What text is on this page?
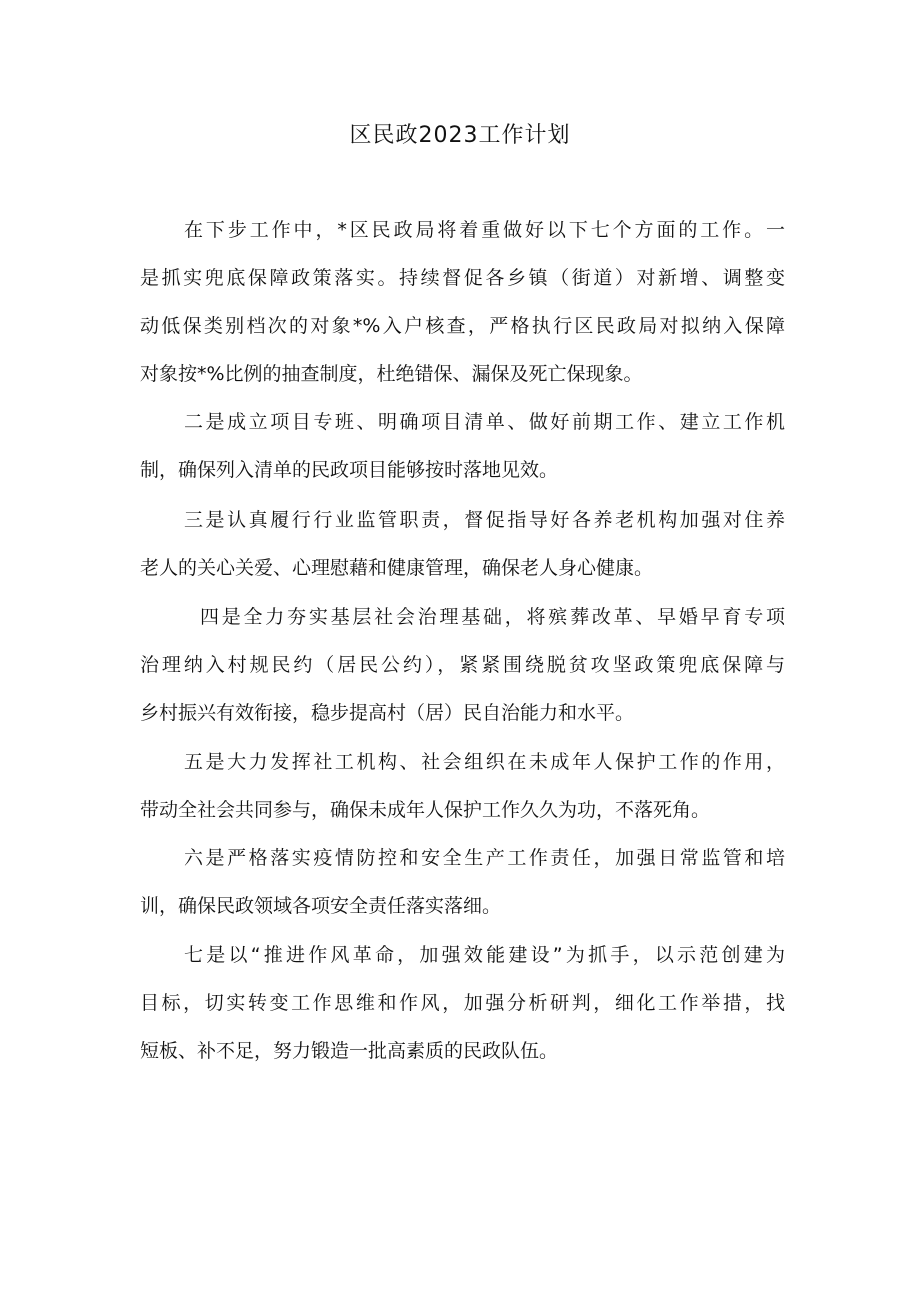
区民政2023工作计划
在下步工作中，*区民政局将着重做好以下七个方面的工作。一
是抓实兜底保障政策落实。持续督促各乡镇（街道）对新增、调整变
动低保类别档次的对象*%入户核查，严格执行区民政局对拟纳入保障
对象按*%比例的抽查制度，杜绝错保、漏保及死亡保现象。
二是成立项目专班、明确项目清单、做好前期工作、建立工作机
制，确保列入清单的民政项目能够按时落地见效。
三是认真履行行业监管职责，督促指导好各养老机构加强对住养
老人的关心关爱、心理慰藉和健康管理，确保老人身心健康。
四是全力夯实基层社会治理基础，将殡葬改革、早婚早育专项
治理纳入村规民约（居民公约），紧紧围绕脱贫攻坚政策兜底保障与
乡村振兴有效衔接，稳步提高村（居）民自治能力和水平。
五是大力发挥社工机构、社会组织在未成年人保护工作的作用，
带动全社会共同参与，确保未成年人保护工作久久为功，不落死角。
六是严格落实疫情防控和安全生产工作责任，加强日常监管和培
训，确保民政领域各项安全责任落实落细。
七是以“推进作风革命，加强效能建设”为抓手，以示范创建为
目标，切实转变工作思维和作风，加强分析研判，细化工作举措，找
短板、补不足，努力锻造一批高素质的民政队伍。
